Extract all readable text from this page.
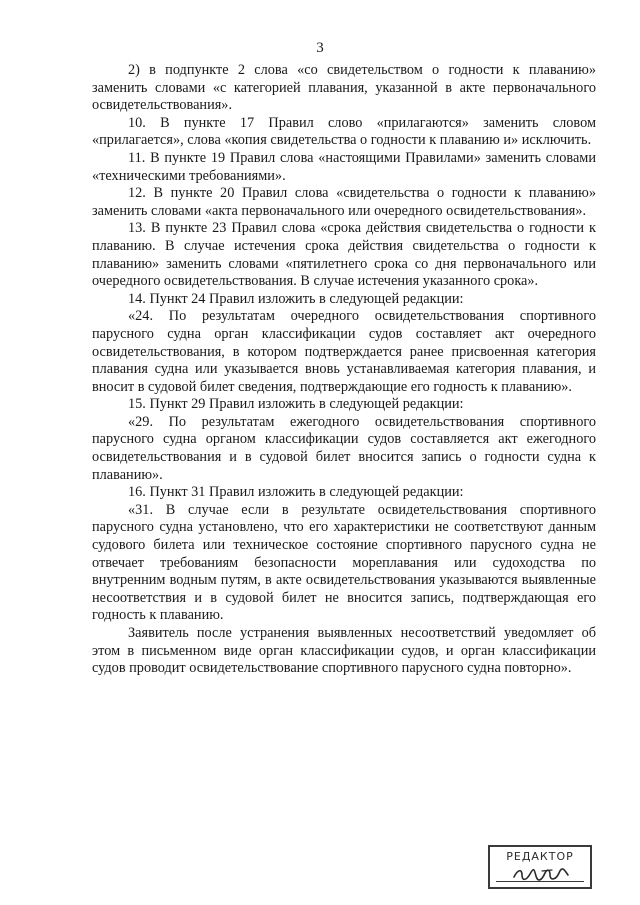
3

2) в подпункте 2 слова «со свидетельством о годности к плаванию» заменить словами «с категорией плавания, указанной в акте первоначального освидетельствования».

10. В пункте 17 Правил слово «прилагаются» заменить словом «прилагается», слова «копия свидетельства о годности к плаванию и» исключить.

11. В пункте 19 Правил слова «настоящими Правилами» заменить словами «техническими требованиями».

12. В пункте 20 Правил слова «свидетельства о годности к плаванию» заменить словами «акта первоначального или очередного освидетельствования».

13. В пункте 23 Правил слова «срока действия свидетельства о годности к плаванию. В случае истечения срока действия свидетельства о годности к плаванию» заменить словами «пятилетнего срока со дня первоначального или очередного освидетельствования. В случае истечения указанного срока».

14. Пункт 24 Правил изложить в следующей редакции:

«24. По результатам очередного освидетельствования спортивного парусного судна орган классификации судов составляет акт очередного освидетельствования, в котором подтверждается ранее присвоенная категория плавания судна или указывается вновь устанавливаемая категория плавания, и вносит в судовой билет сведения, подтверждающие его годность к плаванию».

15. Пункт 29 Правил изложить в следующей редакции:

«29. По результатам ежегодного освидетельствования спортивного парусного судна органом классификации судов составляется акт ежегодного освидетельствования и в судовой билет вносится запись о годности судна к плаванию».

16. Пункт 31 Правил изложить в следующей редакции:

«31. В случае если в результате освидетельствования спортивного парусного судна установлено, что его характеристики не соответствуют данным судового билета или техническое состояние спортивного парусного судна не отвечает требованиям безопасности мореплавания или судоходства по внутренним водным путям, в акте освидетельствования указываются выявленные несоответствия и в судовой билет не вносится запись, подтверждающая его годность к плаванию.

Заявитель после устранения выявленных несоответствий уведомляет об этом в письменном виде орган классификации судов, и орган классификации судов проводит освидетельствование спортивного парусного судна повторно».

РЕДАКТОР
